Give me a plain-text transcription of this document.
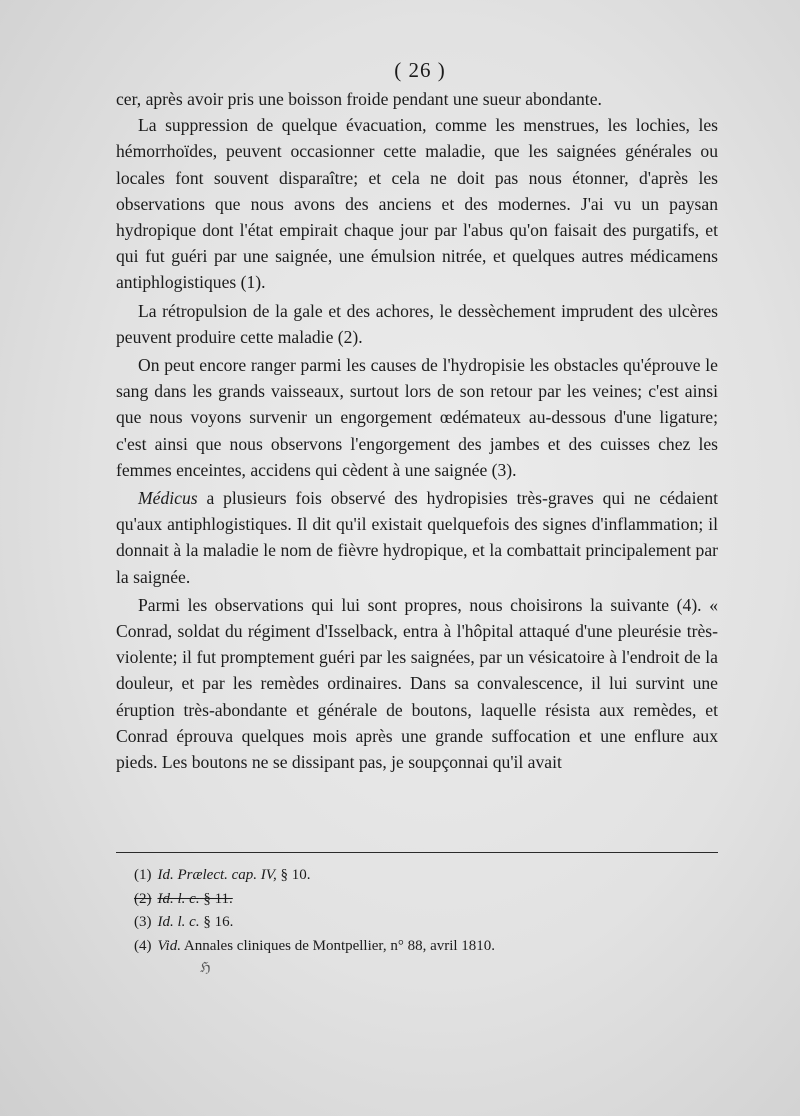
( 26 )

cer, après avoir pris une boisson froide pendant une sueur abondante.

La suppression de quelque évacuation, comme les menstrues, les lochies, les hémorrhoïdes, peuvent occasionner cette maladie, que les saignées générales ou locales font souvent disparaître; et cela ne doit pas nous étonner, d'après les observations que nous avons des anciens et des modernes. J'ai vu un paysan hydropique dont l'état empirait chaque jour par l'abus qu'on faisait des purgatifs, et qui fut guéri par une saignée, une émulsion nitrée, et quelques autres médicamens antiphlogistiques (1).

La rétropulsion de la gale et des achores, le dessèchement imprudent des ulcères peuvent produire cette maladie (2).

On peut encore ranger parmi les causes de l'hydropisie les obstacles qu'éprouve le sang dans les grands vaisseaux, surtout lors de son retour par les veines; c'est ainsi que nous voyons survenir un engorgement œdémateux au-dessous d'une ligature; c'est ainsi que nous observons l'engorgement des jambes et des cuisses chez les femmes enceintes, accidens qui cèdent à une saignée (3).

Médicus a plusieurs fois observé des hydropisies très-graves qui ne cédaient qu'aux antiphlogistiques. Il dit qu'il existait quelquefois des signes d'inflammation; il donnait à la maladie le nom de fièvre hydropique, et la combattait principalement par la saignée.

Parmi les observations qui lui sont propres, nous choisirons la suivante (4). « Conrad, soldat du régiment d'Isselback, entra à l'hôpital attaqué d'une pleurésie très-violente; il fut promptement guéri par les saignées, par un vésicatoire à l'endroit de la douleur, et par les remèdes ordinaires. Dans sa convalescence, il lui survint une éruption très-abondante et générale de boutons, laquelle résista aux remèdes, et Conrad éprouva quelques mois après une grande suffocation et une enflure aux pieds. Les boutons ne se dissipant pas, je soupçonnai qu'il avait

(1) Id. Prælect. cap. IV, § 10.

(2) Id. l. c. § 11.

(3) Id. l. c. § 16.

(4) Vid. Annales cliniques de Montpellier, n° 88, avril 1810.

ℌ
